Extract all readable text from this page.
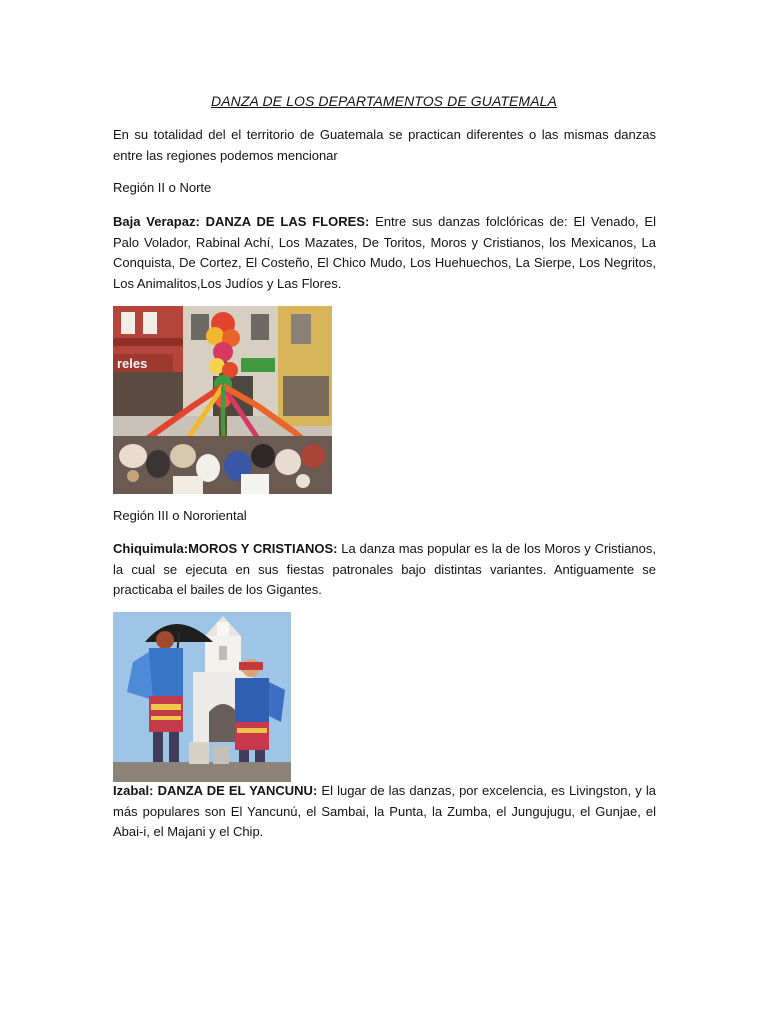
DANZA DE LOS DEPARTAMENTOS DE GUATEMALA
En su totalidad del el territorio de Guatemala se practican diferentes o las mismas danzas entre las regiones podemos mencionar
Región II o Norte
Baja Verapaz: DANZA DE LAS FLORES: Entre sus danzas folclóricas de: El Venado, El Palo Volador, Rabinal Achí, Los Mazates, De Toritos, Moros y Cristianos, los Mexicanos, La Conquista, De Cortez, El Costeño, El Chico Mudo, Los Huehuechos, La Sierpe, Los Negritos, Los Animalitos,Los Judíos y Las Flores.
reles
Región III o Nororiental
Chiquimula:MOROS Y CRISTIANOS: La danza mas popular es la de los Moros y Cristianos, la cual se ejecuta en sus fiestas patronales bajo distintas variantes. Antiguamente se practicaba el bailes de los Gigantes.
Izabal: DANZA DE EL YANCUNU: El lugar de las danzas, por excelencia, es Livingston, y la más populares son El Yancunú, el Sambai, la Punta, la Zumba, el Jungujugu, el Gunjae, el Abai-i, el Majani y el Chip.
